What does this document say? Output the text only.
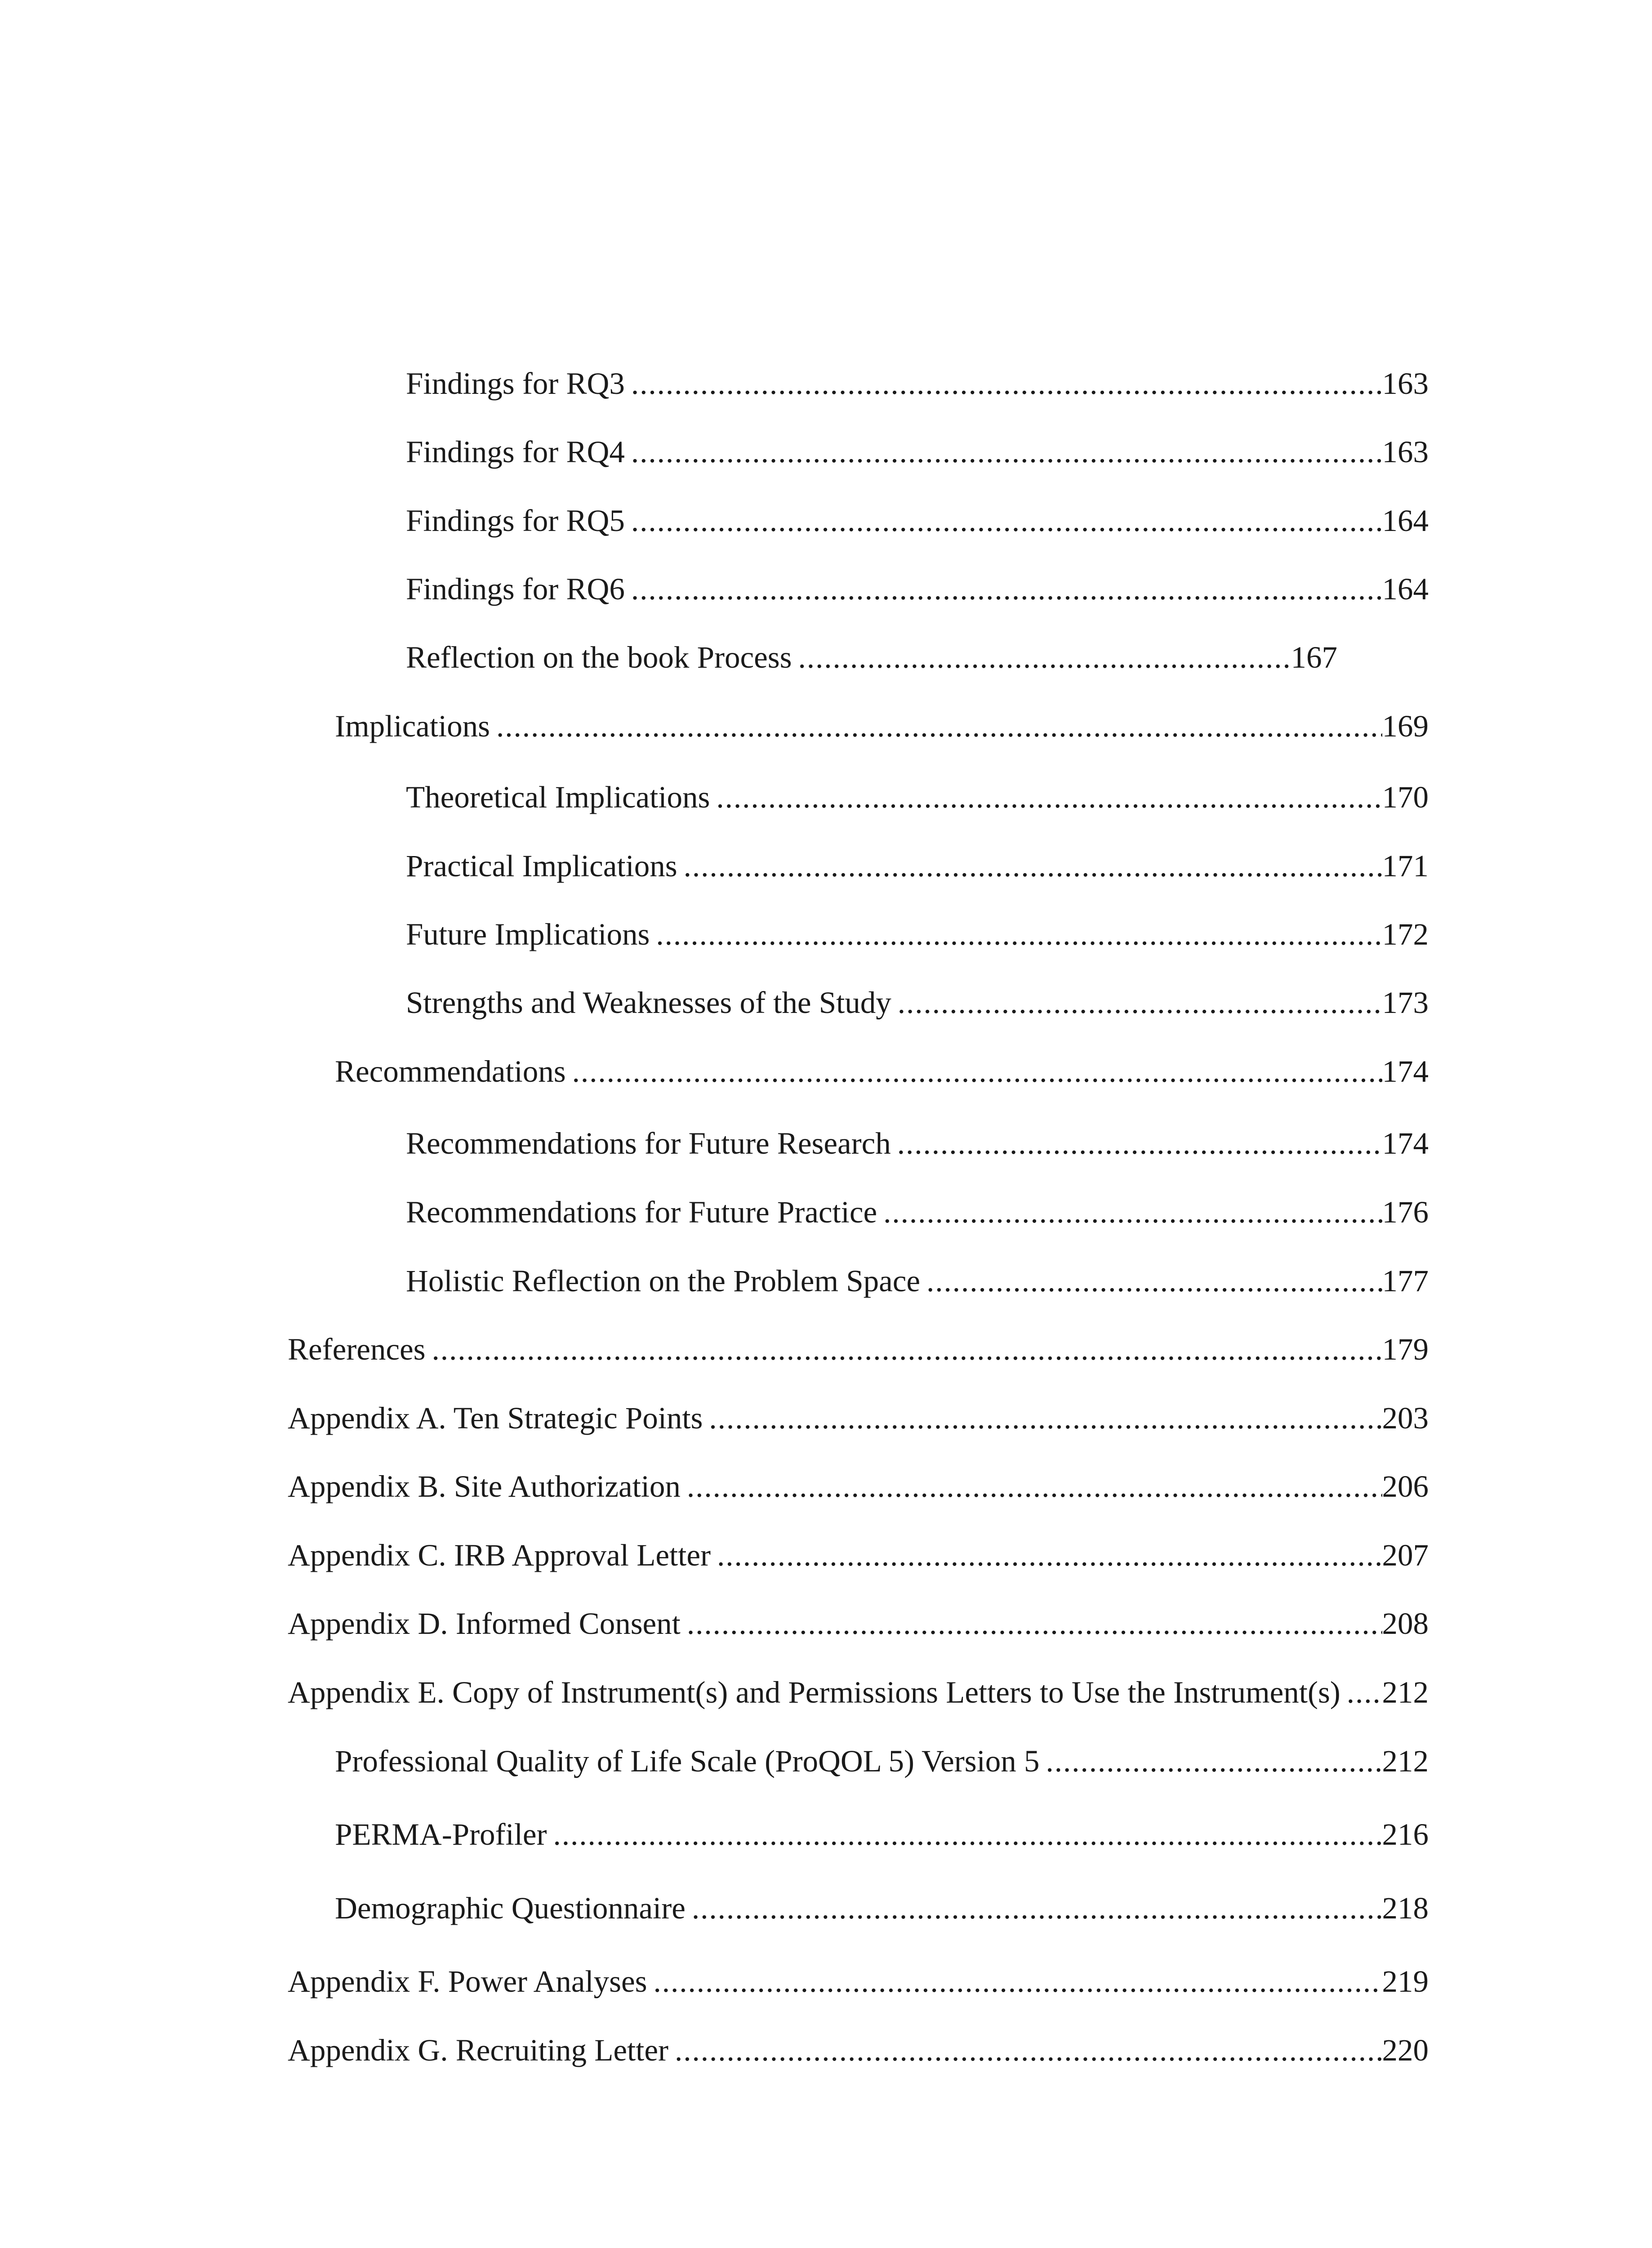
Findings for RQ3 .....	163
Findings for RQ4 .....	163
Findings for RQ5 .....	164
Findings for RQ6 .....	164
Reflection on the book Process .....	167
Implications .....	169
Theoretical Implications .....	170
Practical Implications .....	171
Future Implications .....	172
Strengths and Weaknesses of the Study .....	173
Recommendations .....	174
Recommendations for Future Research .....	174
Recommendations for Future Practice .....	176
Holistic Reflection on the Problem Space .....	177
References .....	179
Appendix A. Ten Strategic Points .....	203
Appendix B. Site Authorization .....	206
Appendix C. IRB Approval Letter .....	207
Appendix D. Informed Consent .....	208
Appendix E. Copy of Instrument(s) and Permissions Letters to Use the Instrument(s) ..... 212
Professional Quality of Life Scale (ProQOL 5) Version 5 .....	212
PERMA-Profiler .....	216
Demographic Questionnaire .....	218
Appendix F. Power Analyses .....	219
Appendix G. Recruiting Letter .....	220
